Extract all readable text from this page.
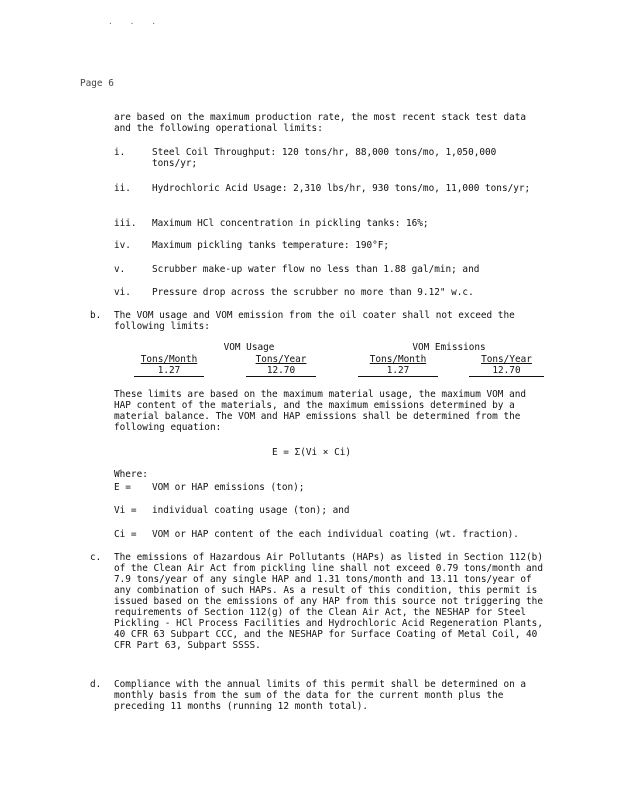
· · ·
Page 6
are based on the maximum production rate, the most recent stack test data and the following operational limits:
i.	Steel Coil Throughput: 120 tons/hr, 88,000 tons/mo, 1,050,000 tons/yr;
ii. Hydrochloric Acid Usage: 2,310 lbs/hr, 930 tons/mo, 11,000 tons/yr;
iii. Maximum HCl concentration in pickling tanks: 16%;
iv. Maximum pickling tanks temperature: 190°F;
v.	Scrubber make-up water flow no less than 1.88 gal/min; and
vi. Pressure drop across the scrubber no more than 9.12" w.c.
b. The VOM usage and VOM emission from the oil coater shall not exceed the following limits:
VOM Usage	VOM Emissions
Tons/Month	Tons/Year	Tons/Month	Tons/Year
1.27	12.70	1.27	12.70
These limits are based on the maximum material usage, the maximum VOM and HAP content of the materials, and the maximum emissions determined by a material balance. The VOM and HAP emissions shall be determined from the following equation:
E = Σ(Vi × Ci)
Where:
E = VOM or HAP emissions (ton);
Vi = individual coating usage (ton); and
Ci = VOM or HAP content of the each individual coating (wt. fraction).
c. The emissions of Hazardous Air Pollutants (HAPs) as listed in Section 112(b) of the Clean Air Act from pickling line shall not exceed 0.79 tons/month and 7.9 tons/year of any single HAP and 1.31 tons/month and 13.11 tons/year of any combination of such HAPs. As a result of this condition, this permit is issued based on the emissions of any HAP from this source not triggering the requirements of Section 112(g) of the Clean Air Act, the NESHAP for Steel Pickling - HCl Process Facilities and Hydrochloric Acid Regeneration Plants, 40 CFR 63 Subpart CCC, and the NESHAP for Surface Coating of Metal Coil, 40 CFR Part 63, Subpart SSSS.
d. Compliance with the annual limits of this permit shall be determined on a monthly basis from the sum of the data for the current month plus the preceding 11 months (running 12 month total).
